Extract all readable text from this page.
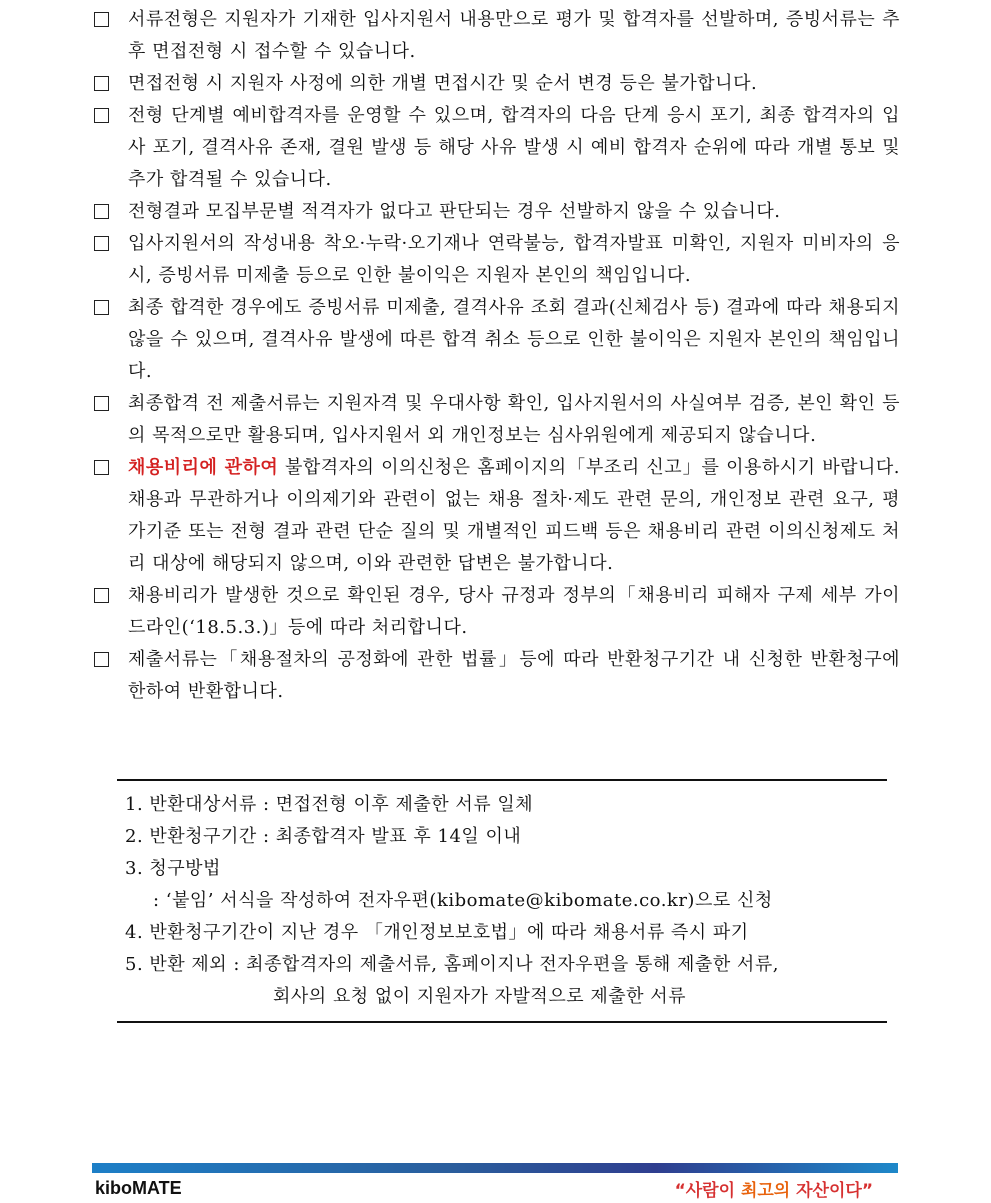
서류전형은 지원자가 기재한 입사지원서 내용만으로 평가 및 합격자를 선발하며, 증빙서류는 추후 면접전형 시 접수할 수 있습니다.
면접전형 시 지원자 사정에 의한 개별 면접시간 및 순서 변경 등은 불가합니다.
전형 단계별 예비합격자를 운영할 수 있으며, 합격자의 다음 단계 응시 포기, 최종 합격자의 입사 포기, 결격사유 존재, 결원 발생 등 해당 사유 발생 시 예비 합격자 순위에 따라 개별 통보 및 추가 합격될 수 있습니다.
전형결과 모집부문별 적격자가 없다고 판단되는 경우 선발하지 않을 수 있습니다.
입사지원서의 작성내용 착오·누락·오기재나 연락불능, 합격자발표 미확인, 지원자 미비자의 응시, 증빙서류 미제출 등으로 인한 불이익은 지원자 본인의 책임입니다.
최종 합격한 경우에도 증빙서류 미제출, 결격사유 조회 결과(신체검사 등) 결과에 따라 채용되지 않을 수 있으며, 결격사유 발생에 따른 합격 취소 등으로 인한 불이익은 지원자 본인의 책임입니다.
최종합격 전 제출서류는 지원자격 및 우대사항 확인, 입사지원서의 사실여부 검증, 본인 확인 등의 목적으로만 활용되며, 입사지원서 외 개인정보는 심사위원에게 제공되지 않습니다.
채용비리에 관하여 불합격자의 이의신청은 홈페이지의「부조리 신고」를 이용하시기 바랍니다. 채용과 무관하거나 이의제기와 관련이 없는 채용 절차·제도 관련 문의, 개인정보 관련 요구, 평가기준 또는 전형 결과 관련 단순 질의 및 개별적인 피드백 등은 채용비리 관련 이의신청제도 처리 대상에 해당되지 않으며, 이와 관련한 답변은 불가합니다.
채용비리가 발생한 것으로 확인된 경우, 당사 규정과 정부의「채용비리 피해자 구제 세부 가이드라인(‘18.5.3.)」등에 따라 처리합니다.
제출서류는「채용절차의 공정화에 관한 법률」등에 따라 반환청구기간 내 신청한 반환청구에 한하여 반환합니다.
1. 반환대상서류 : 면접전형 이후 제출한 서류 일체
2. 반환청구기간 : 최종합격자 발표 후 14일 이내
3. 청구방법
: ‘붙임’ 서식을 작성하여 전자우편(kibomate@kibomate.co.kr)으로 신청
4. 반환청구기간이 지난 경우 「개인정보보호법」에 따라 채용서류 즉시 파기
5. 반환 제외 : 최종합격자의 제출서류, 홈페이지나 전자우편을 통해 제출한 서류,
회사의 요청 없이 지원자가 자발적으로 제출한 서류
kiboMATE	“사람이 최고의 자산이다”
